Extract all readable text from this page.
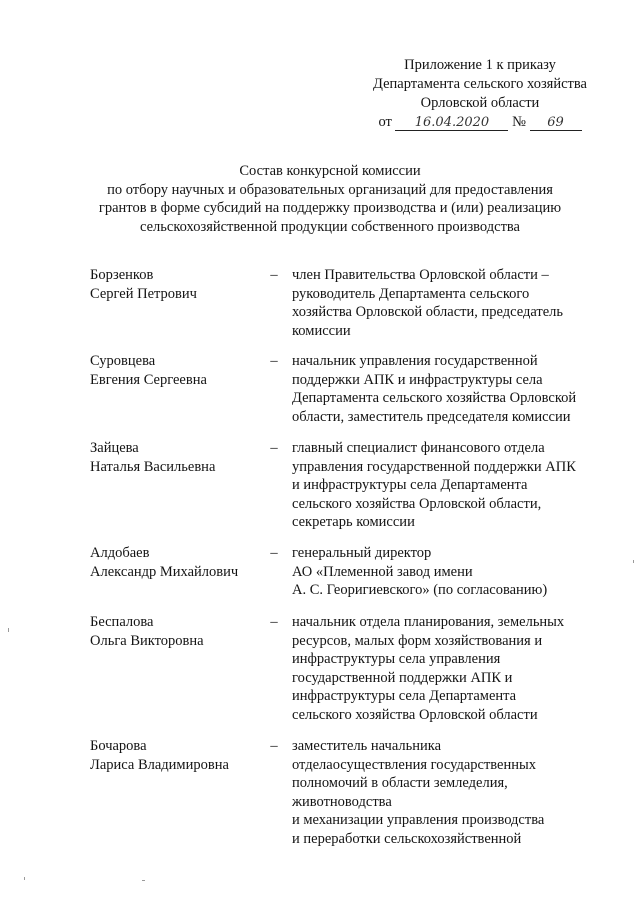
Приложение 1 к приказу
Департамента сельского хозяйства
Орловской области
от 16.04.2020 № 69
Состав конкурсной комиссии
по отбору научных и образовательных организаций для предоставления
грантов в форме субсидий на поддержку производства и (или) реализацию
сельскохозяйственной продукции собственного производства
Борзенков
Сергей Петрович
– член Правительства Орловской области –
руководитель Департамента сельского
хозяйства Орловской области, председатель
комиссии
Суровцева
Евгения Сергеевна
– начальник управления государственной
поддержки АПК и инфраструктуры села
Департамента сельского хозяйства Орловской
области, заместитель председателя комиссии
Зайцева
Наталья Васильевна
– главный специалист финансового отдела
управления государственной поддержки АПК
и инфраструктуры села Департамента
сельского хозяйства Орловской области,
секретарь комиссии
Алдобаев
Александр Михайлович
– генеральный директор
АО «Племенной завод имени
А. С. Георигиевского» (по согласованию)
Беспалова
Ольга Викторовна
– начальник отдела планирования, земельных
ресурсов, малых форм хозяйствования и
инфраструктуры села управления
государственной поддержки АПК и
инфраструктуры села Департамента
сельского хозяйства Орловской области
Бочарова
Лариса Владимировна
– заместитель начальника
отделаосуществления государственных
полномочий в области земледелия,
животноводства
и механизации управления производства
и переработки сельскохозяйственной
